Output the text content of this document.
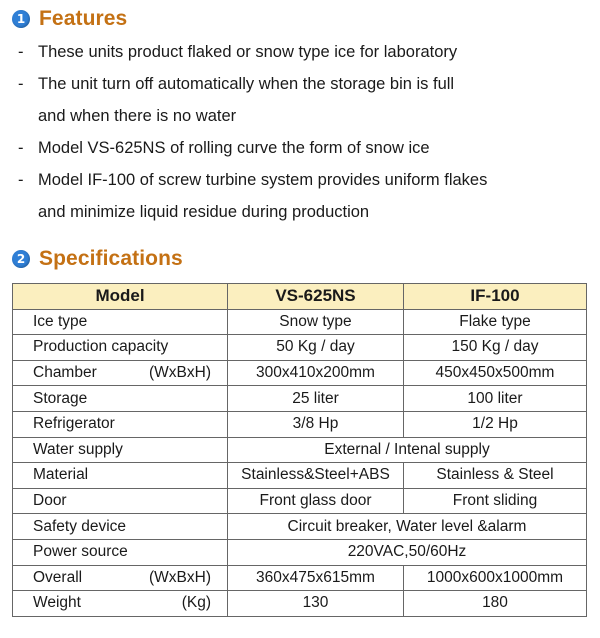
1 Features
- These units product flaked or snow type ice for laboratory
- The unit turn off automatically when the storage bin is full
and when there is no water
- Model VS-625NS of rolling curve the form of snow ice
- Model IF-100 of screw turbine system provides uniform flakes
and minimize liquid residue during production
2 Specifications
Model	VS-625NS	IF-100
Ice type	Snow type	Flake type
Production capacity	50 Kg / day	150 Kg / day

Chamber (WxBxH)	300x410x200mm	450x450x500mm
Storage	25 liter	100 liter
Refrigerator	3/8 Hp	1/2 Hp
Water supply	External / Intenal supply	
Material	Stainless&Steel+ABS	Stainless & Steel
Door	Front glass door	Front sliding
Safety device	Circuit breaker, Water level &alarm	
Power source	220VAC,50/60Hz	

Overall (WxBxH)	360x475x615mm	1000x600x1000mm

Weight (Kg)	130	180
